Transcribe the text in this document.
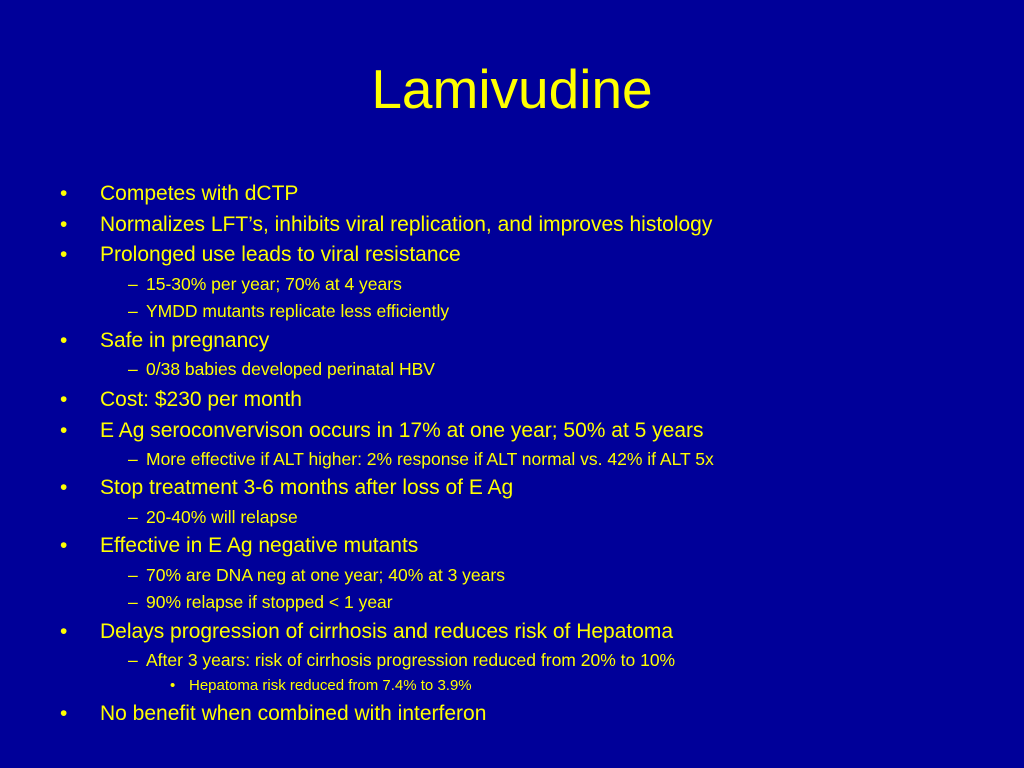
Lamivudine
• Competes with dCTP
• Normalizes LFT’s, inhibits viral replication, and improves histology
• Prolonged use leads to viral resistance
– 15-30% per year; 70% at 4 years
– YMDD mutants replicate less efficiently
• Safe in pregnancy
– 0/38 babies developed perinatal HBV
• Cost: $230 per month
• E Ag seroconvervison occurs in 17% at one year; 50% at 5 years
– More effective if ALT higher: 2% response if ALT normal vs. 42% if ALT 5x
• Stop treatment 3-6 months after loss of E Ag
– 20-40% will relapse
• Effective in E Ag negative mutants
– 70% are DNA neg at one year; 40% at 3 years
– 90% relapse if stopped < 1 year
• Delays progression of cirrhosis and reduces risk of Hepatoma
– After 3 years: risk of cirrhosis progression reduced from 20% to 10%
• Hepatoma risk reduced from 7.4% to 3.9%
• No benefit when combined with interferon
